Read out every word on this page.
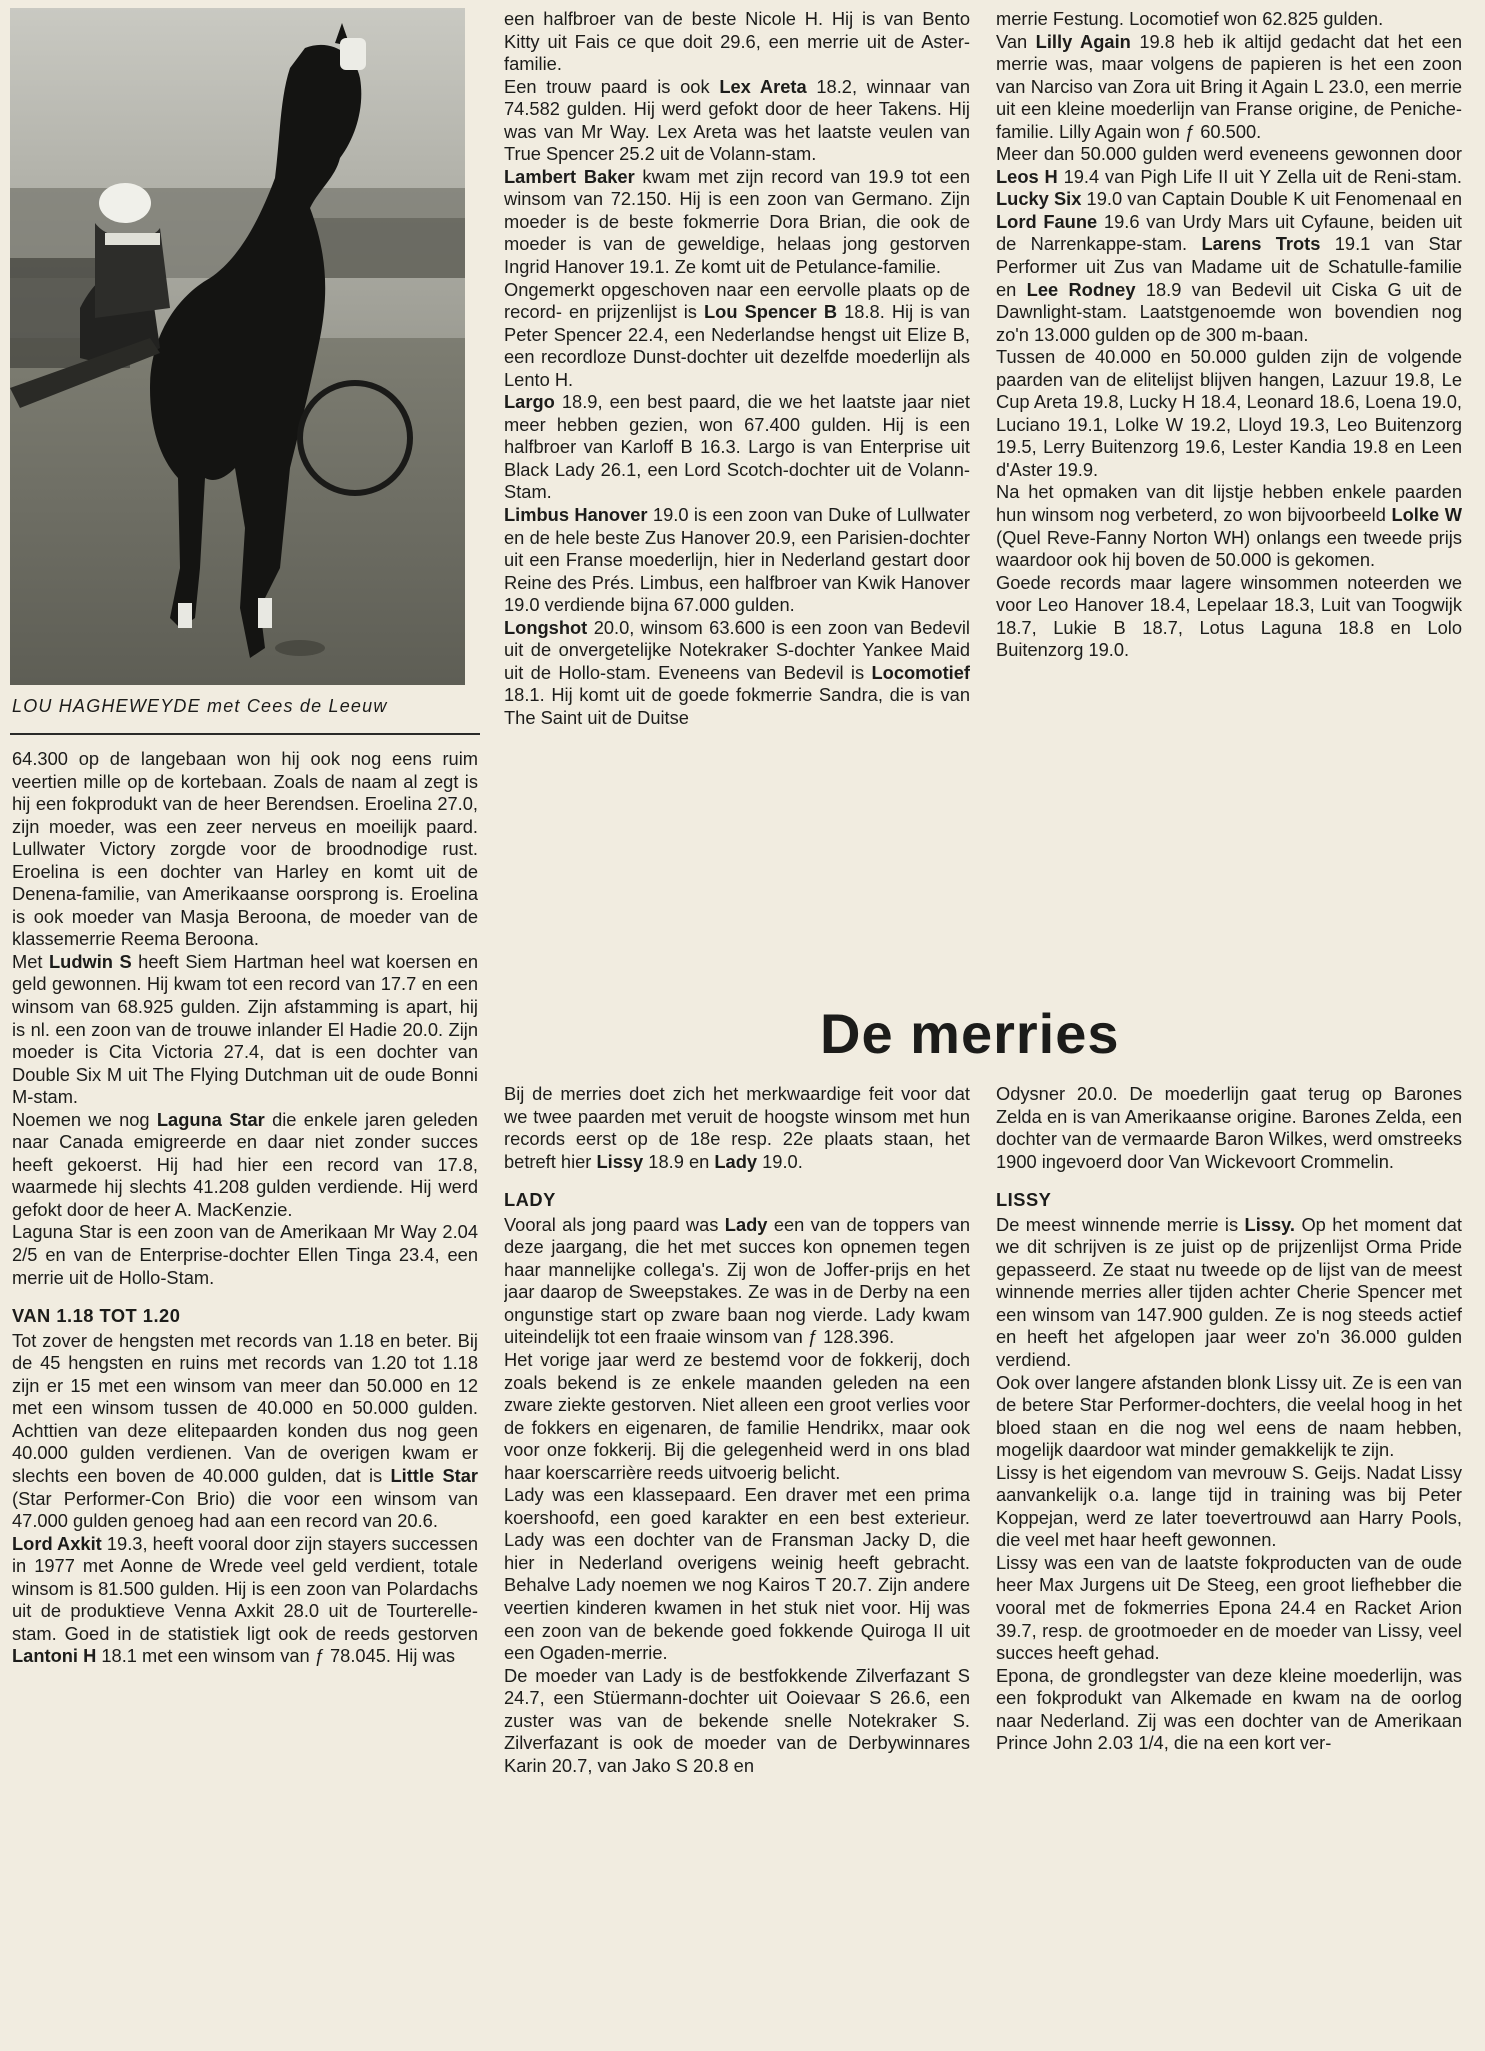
LOU HAGHEWEYDE met Cees de Leeuw

64.300 op de langebaan won hij ook nog eens ruim veertien mille op de kortebaan. Zoals de naam al zegt is hij een fokprodukt van de heer Berendsen. Eroelina 27.0, zijn moeder, was een zeer nerveus en moeilijk paard. Lullwater Victory zorgde voor de broodnodige rust. Eroelina is een dochter van Harley en komt uit de Denena-familie, van Amerikaanse oorsprong is. Eroelina is ook moeder van Masja Beroona, de moeder van de klassemerrie Reema Beroona.

Met Ludwin S heeft Siem Hartman heel wat koersen en geld gewonnen. Hij kwam tot een record van 17.7 en een winsom van 68.925 gulden. Zijn afstamming is apart, hij is nl. een zoon van de trouwe inlander El Hadie 20.0. Zijn moeder is Cita Victoria 27.4, dat is een dochter van Double Six M uit The Flying Dutchman uit de oude Bonni M-stam.

Noemen we nog Laguna Star die enkele jaren geleden naar Canada emigreerde en daar niet zonder succes heeft gekoerst. Hij had hier een record van 17.8, waarmede hij slechts 41.208 gulden verdiende. Hij werd gefokt door de heer A. MacKenzie.

Laguna Star is een zoon van de Amerikaan Mr Way 2.04 2/5 en van de Enterprise-dochter Ellen Tinga 23.4, een merrie uit de Hollo-Stam.

VAN 1.18 TOT 1.20

Tot zover de hengsten met records van 1.18 en beter. Bij de 45 hengsten en ruins met records van 1.20 tot 1.18 zijn er 15 met een winsom van meer dan 50.000 en 12 met een winsom tussen de 40.000 en 50.000 gulden. Achttien van deze elitepaarden konden dus nog geen 40.000 gulden verdienen. Van de overigen kwam er slechts een boven de 40.000 gulden, dat is Little Star (Star Performer-Con Brio) die voor een winsom van 47.000 gulden genoeg had aan een record van 20.6.

Lord Axkit 19.3, heeft vooral door zijn stayers successen in 1977 met Aonne de Wrede veel geld verdient, totale winsom is 81.500 gulden. Hij is een zoon van Polardachs uit de produktieve Venna Axkit 28.0 uit de Tourterelle-stam. Goed in de statistiek ligt ook de reeds gestorven Lantoni H 18.1 met een winsom van ƒ 78.045. Hij was

een halfbroer van de beste Nicole H. Hij is van Bento Kitty uit Fais ce que doit 29.6, een merrie uit de Aster-familie.

Een trouw paard is ook Lex Areta 18.2, winnaar van 74.582 gulden. Hij werd gefokt door de heer Takens. Hij was van Mr Way. Lex Areta was het laatste veulen van True Spencer 25.2 uit de Volann-stam.

Lambert Baker kwam met zijn record van 19.9 tot een winsom van 72.150. Hij is een zoon van Germano. Zijn moeder is de beste fokmerrie Dora Brian, die ook de moeder is van de geweldige, helaas jong gestorven Ingrid Hanover 19.1. Ze komt uit de Petulance-familie.

Ongemerkt opgeschoven naar een eervolle plaats op de record- en prijzenlijst is Lou Spencer B 18.8. Hij is van Peter Spencer 22.4, een Nederlandse hengst uit Elize B, een recordloze Dunst-dochter uit dezelfde moederlijn als Lento H.

Largo 18.9, een best paard, die we het laatste jaar niet meer hebben gezien, won 67.400 gulden. Hij is een halfbroer van Karloff B 16.3. Largo is van Enterprise uit Black Lady 26.1, een Lord Scotch-dochter uit de Volann-Stam.

Limbus Hanover 19.0 is een zoon van Duke of Lullwater en de hele beste Zus Hanover 20.9, een Parisien-dochter uit een Franse moederlijn, hier in Nederland gestart door Reine des Prés. Limbus, een halfbroer van Kwik Hanover 19.0 verdiende bijna 67.000 gulden.

Longshot 20.0, winsom 63.600 is een zoon van Bedevil uit de onvergetelijke Notekraker S-dochter Yankee Maid uit de Hollo-stam. Eveneens van Bedevil is Locomotief 18.1. Hij komt uit de goede fokmerrie Sandra, die is van The Saint uit de Duitse

merrie Festung. Locomotief won 62.825 gulden.

Van Lilly Again 19.8 heb ik altijd gedacht dat het een merrie was, maar volgens de papieren is het een zoon van Narciso van Zora uit Bring it Again L 23.0, een merrie uit een kleine moederlijn van Franse origine, de Peniche-familie. Lilly Again won ƒ 60.500.

Meer dan 50.000 gulden werd eveneens gewonnen door Leos H 19.4 van Pigh Life II uit Y Zella uit de Reni-stam. Lucky Six 19.0 van Captain Double K uit Fenomenaal en Lord Faune 19.6 van Urdy Mars uit Cyfaune, beiden uit de Narrenkappe-stam. Larens Trots 19.1 van Star Performer uit Zus van Madame uit de Schatulle-familie en Lee Rodney 18.9 van Bedevil uit Ciska G uit de Dawnlight-stam. Laatstgenoemde won bovendien nog zo'n 13.000 gulden op de 300 m-baan.

Tussen de 40.000 en 50.000 gulden zijn de volgende paarden van de elitelijst blijven hangen, Lazuur 19.8, Le Cup Areta 19.8, Lucky H 18.4, Leonard 18.6, Loena 19.0, Luciano 19.1, Lolke W 19.2, Lloyd 19.3, Leo Buitenzorg 19.5, Lerry Buitenzorg 19.6, Lester Kandia 19.8 en Leen d'Aster 19.9.

Na het opmaken van dit lijstje hebben enkele paarden hun winsom nog verbeterd, zo won bijvoorbeeld Lolke W (Quel Reve-Fanny Norton WH) onlangs een tweede prijs waardoor ook hij boven de 50.000 is gekomen.

Goede records maar lagere winsommen noteerden we voor Leo Hanover 18.4, Lepelaar 18.3, Luit van Toogwijk 18.7, Lukie B 18.7, Lotus Laguna 18.8 en Lolo Buitenzorg 19.0.

De merries

Bij de merries doet zich het merkwaardige feit voor dat we twee paarden met veruit de hoogste winsom met hun records eerst op de 18e resp. 22e plaats staan, het betreft hier Lissy 18.9 en Lady 19.0.

LADY

Vooral als jong paard was Lady een van de toppers van deze jaargang, die het met succes kon opnemen tegen haar mannelijke collega's. Zij won de Joffer-prijs en het jaar daarop de Sweepstakes. Ze was in de Derby na een ongunstige start op zware baan nog vierde. Lady kwam uiteindelijk tot een fraaie winsom van ƒ 128.396.

Het vorige jaar werd ze bestemd voor de fokkerij, doch zoals bekend is ze enkele maanden geleden na een zware ziekte gestorven. Niet alleen een groot verlies voor de fokkers en eigenaren, de familie Hendrikx, maar ook voor onze fokkerij. Bij die gelegenheid werd in ons blad haar koerscarrière reeds uitvoerig belicht.

Lady was een klassepaard. Een draver met een prima koershoofd, een goed karakter en een best exterieur. Lady was een dochter van de Fransman Jacky D, die hier in Nederland overigens weinig heeft gebracht. Behalve Lady noemen we nog Kairos T 20.7. Zijn andere veertien kinderen kwamen in het stuk niet voor. Hij was een zoon van de bekende goed fokkende Quiroga II uit een Ogaden-merrie.

De moeder van Lady is de bestfokkende Zilverfazant S 24.7, een Stüermann-dochter uit Ooievaar S 26.6, een zuster was van de bekende snelle Notekraker S. Zilverfazant is ook de moeder van de Derbywinnares Karin 20.7, van Jako S 20.8 en

Odysner 20.0. De moederlijn gaat terug op Barones Zelda en is van Amerikaanse origine. Barones Zelda, een dochter van de vermaarde Baron Wilkes, werd omstreeks 1900 ingevoerd door Van Wickevoort Crommelin.

LISSY

De meest winnende merrie is Lissy. Op het moment dat we dit schrijven is ze juist op de prijzenlijst Orma Pride gepasseerd. Ze staat nu tweede op de lijst van de meest winnende merries aller tijden achter Cherie Spencer met een winsom van 147.900 gulden. Ze is nog steeds actief en heeft het afgelopen jaar weer zo'n 36.000 gulden verdiend.

Ook over langere afstanden blonk Lissy uit. Ze is een van de betere Star Performer-dochters, die veelal hoog in het bloed staan en die nog wel eens de naam hebben, mogelijk daardoor wat minder gemakkelijk te zijn.

Lissy is het eigendom van mevrouw S. Geijs. Nadat Lissy aanvankelijk o.a. lange tijd in training was bij Peter Koppejan, werd ze later toevertrouwd aan Harry Pools, die veel met haar heeft gewonnen.

Lissy was een van de laatste fokproducten van de oude heer Max Jurgens uit De Steeg, een groot liefhebber die vooral met de fokmerries Epona 24.4 en Racket Arion 39.7, resp. de grootmoeder en de moeder van Lissy, veel succes heeft gehad.

Epona, de grondlegster van deze kleine moederlijn, was een fokprodukt van Alkemade en kwam na de oorlog naar Nederland. Zij was een dochter van de Amerikaan Prince John 2.03 1/4, die na een kort ver-
